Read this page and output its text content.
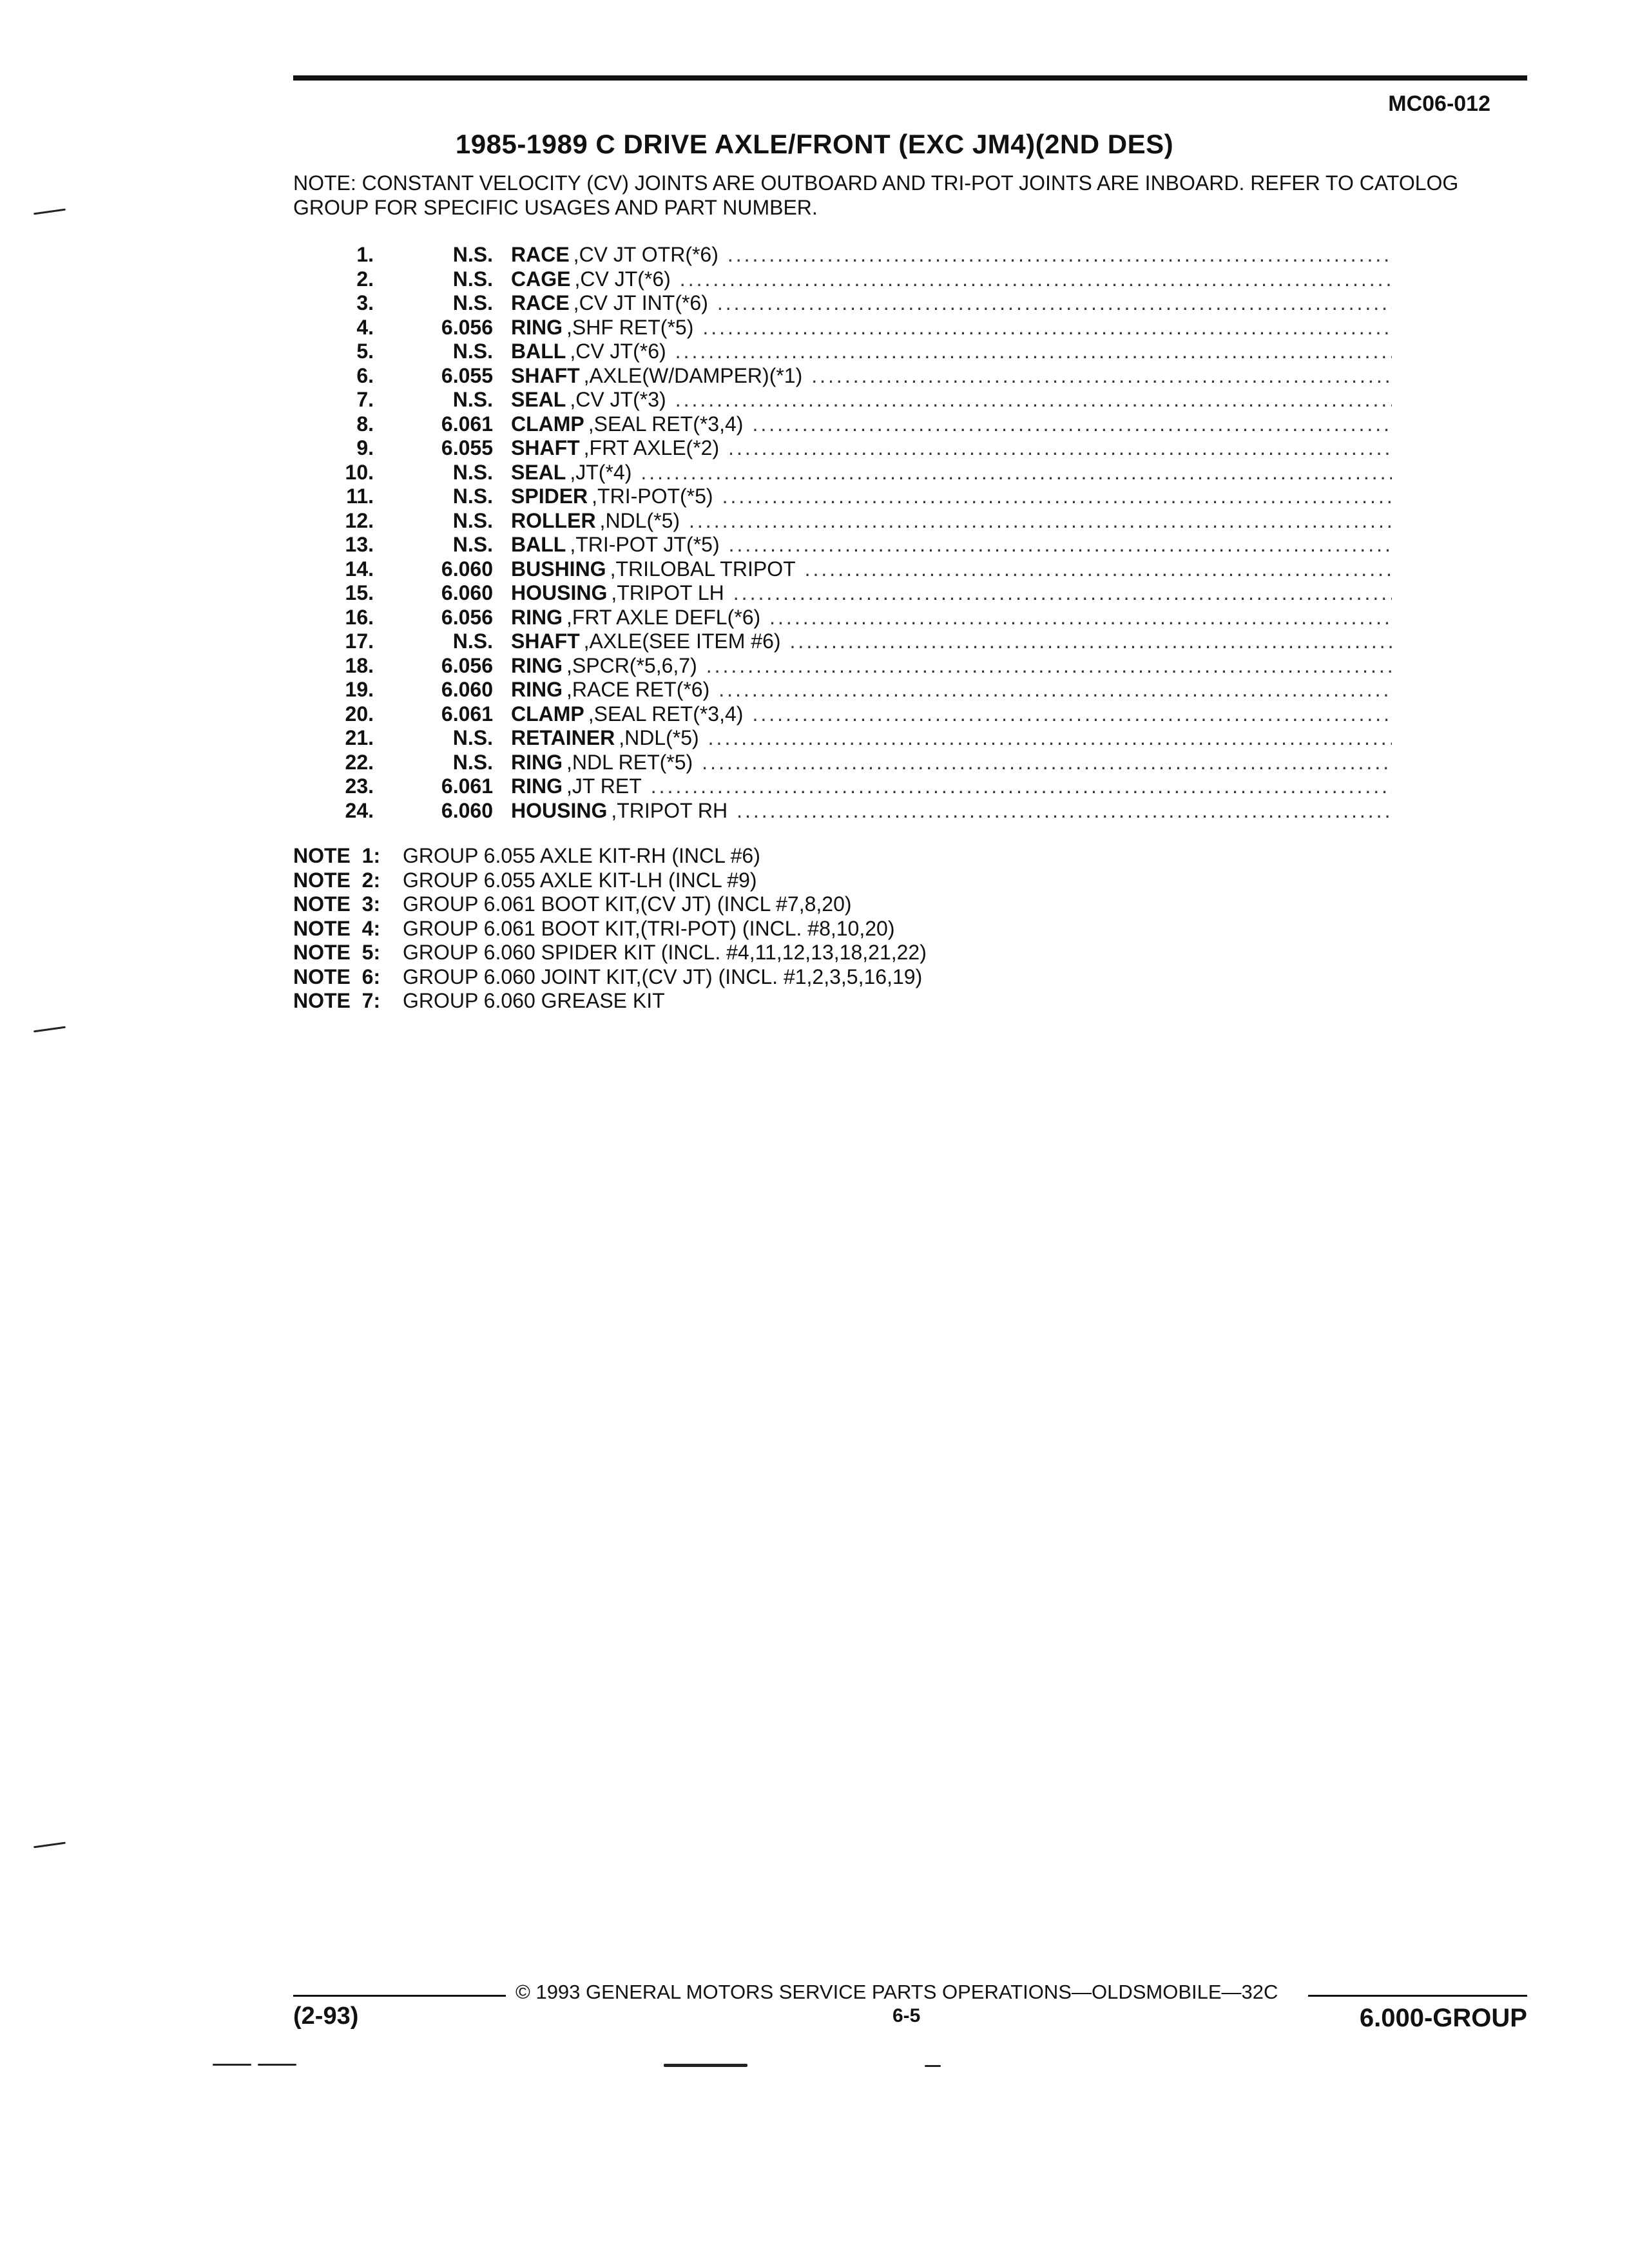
MC06-012
1985-1989 C DRIVE AXLE/FRONT (EXC JM4)(2ND DES)
NOTE: CONSTANT VELOCITY (CV) JOINTS ARE OUTBOARD AND TRI-POT JOINTS ARE INBOARD. REFER TO CATOLOG GROUP FOR SPECIFIC USAGES AND PART NUMBER.
1.	N.S. RACE ,CV JT OTR(*6)
.....
2.	N.S. CAGE ,CV JT(*6)
.....
3.	N.S. RACE ,CV JT INT(*6)
.....
4.	6.056 RING ,SHF RET(*5)
.....
5.	N.S. BALL ,CV JT(*6)
.....
6.	6.055 SHAFT ,AXLE(W/DAMPER)(*1)
.....
7.	N.S. SEAL ,CV JT(*3)
.....
8.	6.061 CLAMP ,SEAL RET(*3,4)
.....
9.	6.055 SHAFT ,FRT AXLE(*2)
.....
10.	N.S. SEAL ,JT(*4)
.....
11.	N.S. SPIDER ,TRI-POT(*5)
.....
12.	N.S. ROLLER ,NDL(*5)
.....
13.	N.S. BALL ,TRI-POT JT(*5)
.....
14.	6.060 BUSHING ,TRILOBAL TRIPOT
.....
15.	6.060 HOUSING ,TRIPOT LH
.....
16.	6.056 RING ,FRT AXLE DEFL(*6)
.....
17.	N.S. SHAFT ,AXLE(SEE ITEM #6)
.....
18.	6.056 RING ,SPCR(*5,6,7)
.....
19.	6.060 RING ,RACE RET(*6)
.....
20.	6.061 CLAMP ,SEAL RET(*3,4)
.....
21.	N.S. RETAINER ,NDL(*5)
.....
22.	N.S. RING ,NDL RET(*5)
.....
23.	6.061 RING ,JT RET
.....
24.	6.060 HOUSING ,TRIPOT RH
.....
NOTE  1:	GROUP 6.055 AXLE KIT-RH (INCL #6)
NOTE  2:	GROUP 6.055 AXLE KIT-LH (INCL #9)
NOTE  3:	GROUP 6.061 BOOT KIT,(CV JT) (INCL #7,8,20)
NOTE  4:	GROUP 6.061 BOOT KIT,(TRI-POT) (INCL. #8,10,20)
NOTE  5:	GROUP 6.060 SPIDER KIT (INCL. #4,11,12,13,18,21,22)
NOTE  6:	GROUP 6.060 JOINT KIT,(CV JT) (INCL. #1,2,3,5,16,19)
NOTE  7:	GROUP 6.060 GREASE KIT
© 1993 GENERAL MOTORS SERVICE PARTS OPERATIONS—OLDSMOBILE—32C
(2-93)	6-5	6.000-GROUP
